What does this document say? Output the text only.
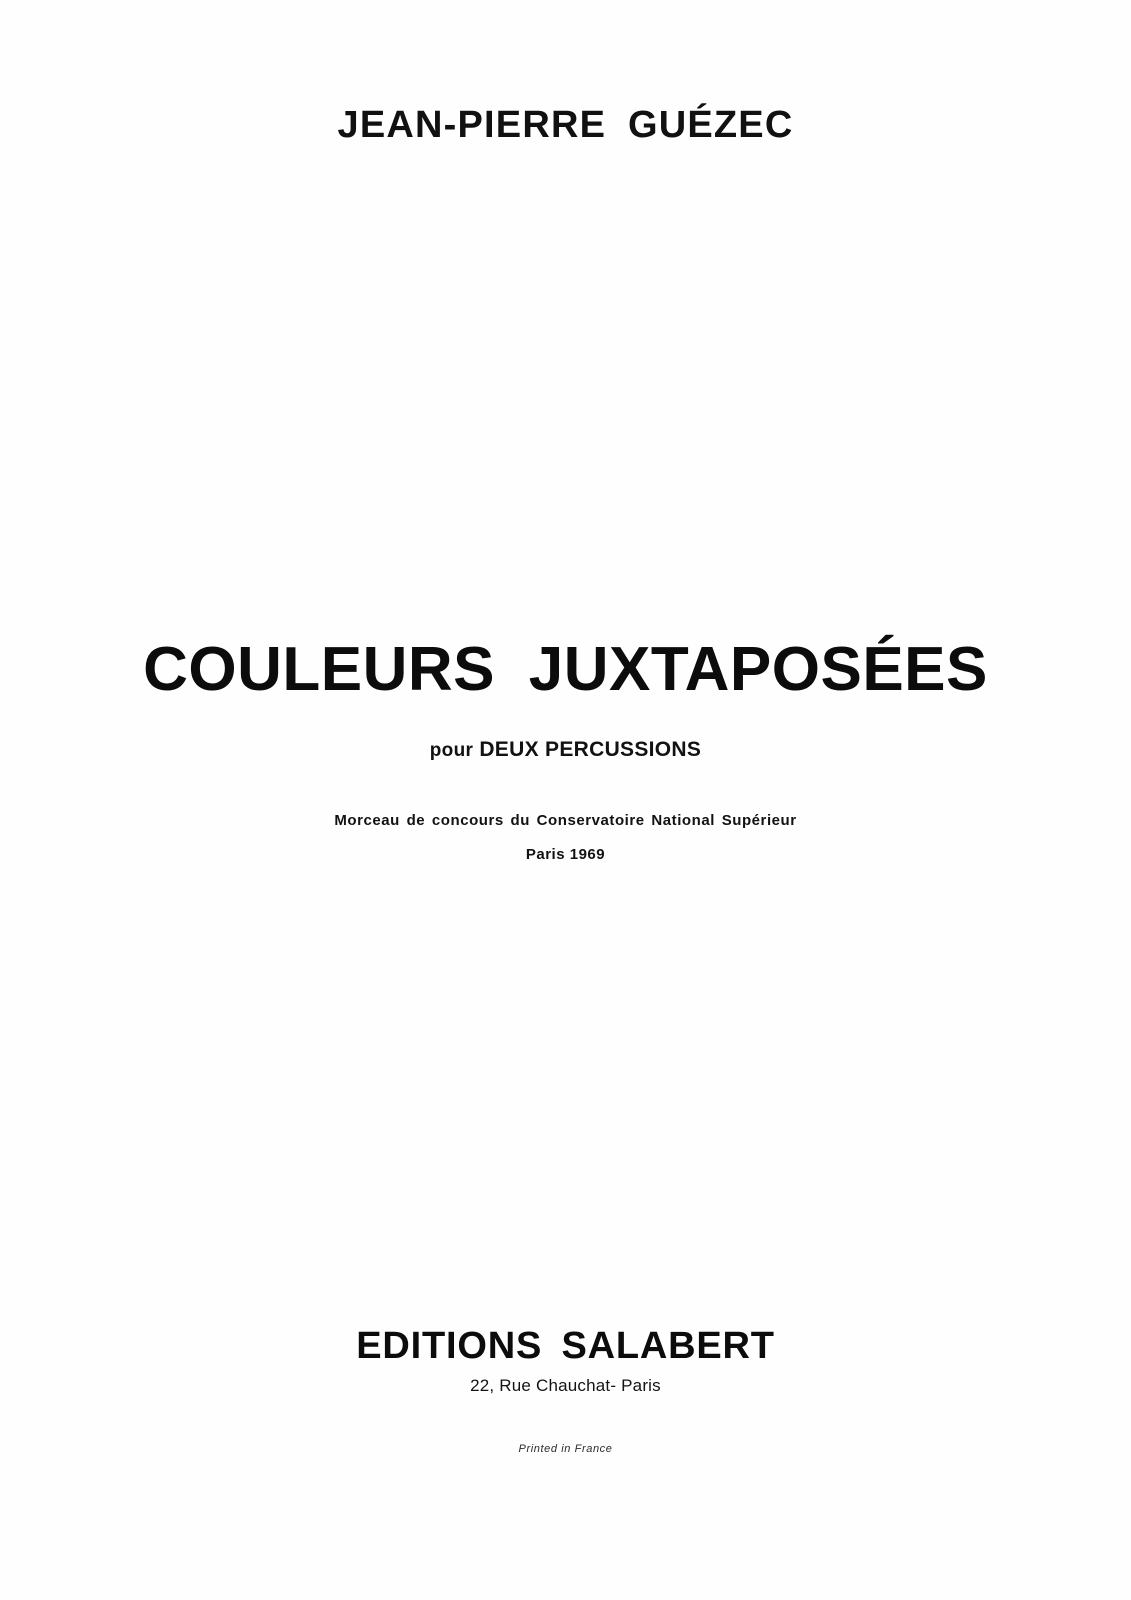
JEAN-PIERRE GUÉZEC
COULEURS JUXTAPOSÉES
pour DEUX PERCUSSIONS
Morceau de concours du Conservatoire National Supérieur
Paris 1969
EDITIONS SALABERT
22, Rue Chauchat- Paris
Printed in France
